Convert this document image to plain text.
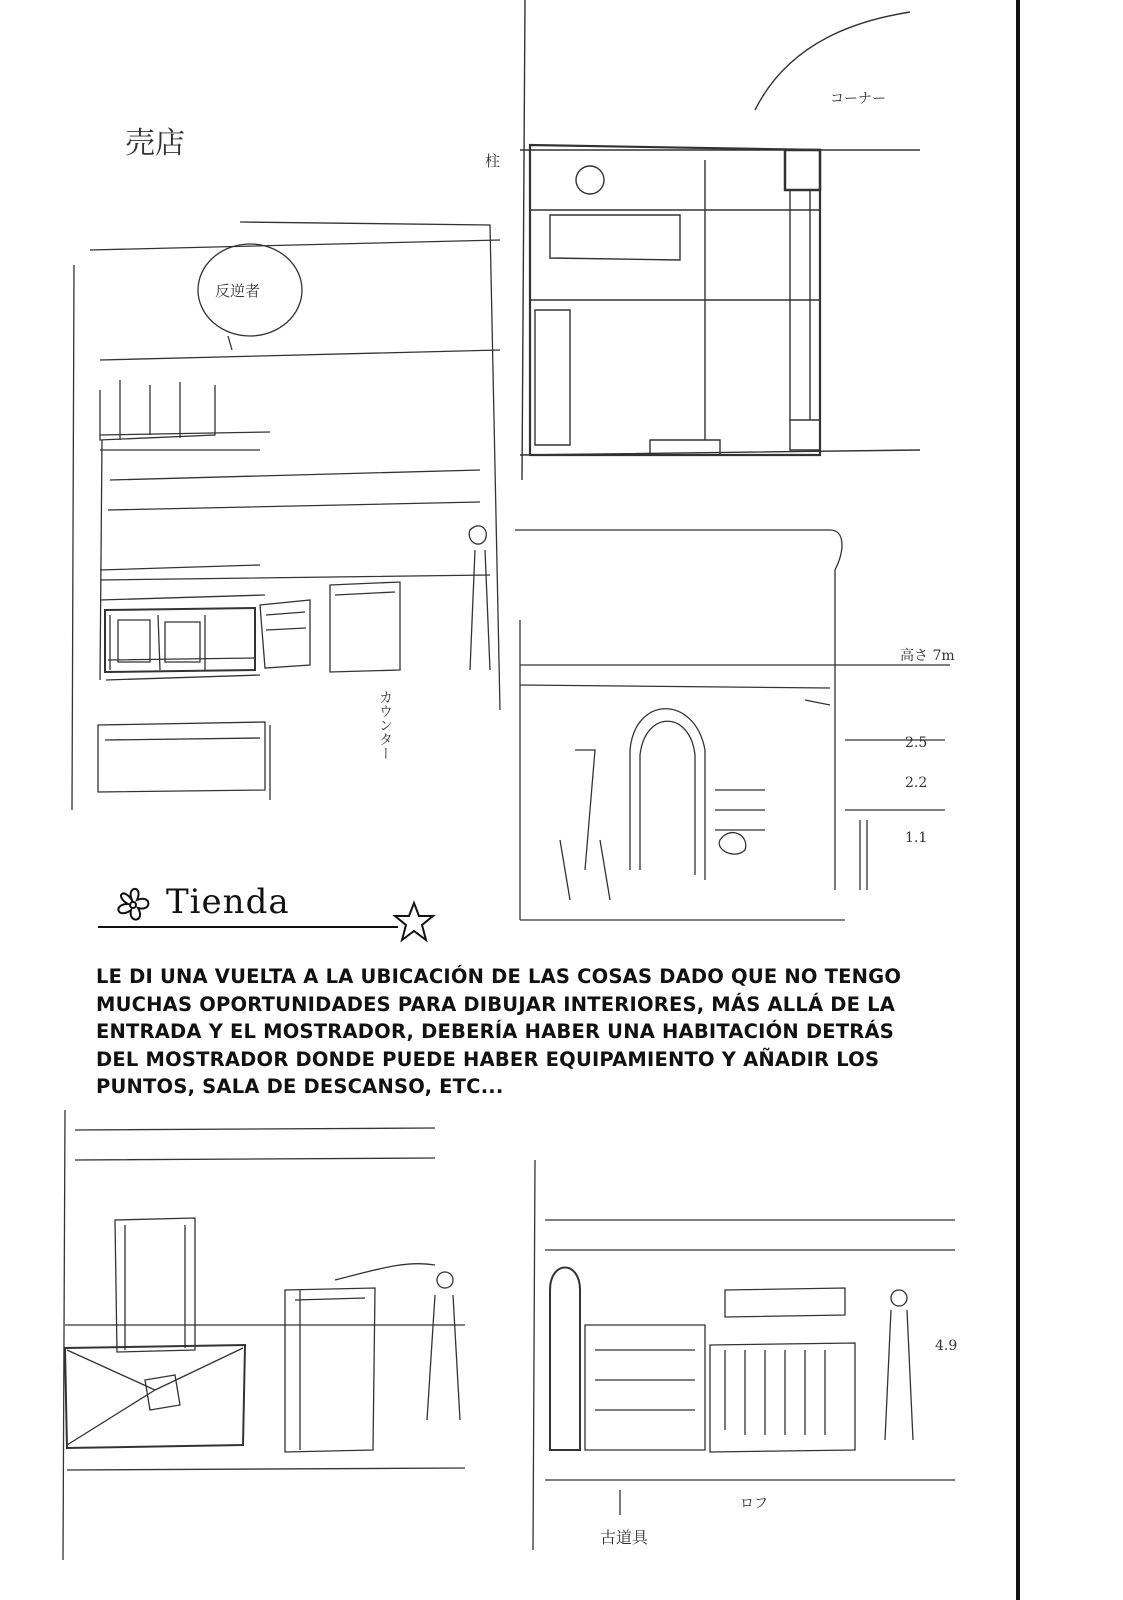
売店
反逆者
カウンター
コーナー
柱
高さ 7m
2.5
2.2
1.1
Tienda

LE DI UNA VUELTA A LA UBICACIÓN DE LAS COSAS DADO QUE NO TENGO MUCHAS OPORTUNIDADES PARA DIBUJAR INTERIORES, MÁS ALLÁ DE LA ENTRADA Y EL MOSTRADOR, DEBERÍA HABER UNA HABITACIÓN DETRÁS DEL MOSTRADOR DONDE PUEDE HABER EQUIPAMIENTO Y AÑADIR LOS PUNTOS, SALA DE DESCANSO, ETC...

4.9
ロフ
古道具
